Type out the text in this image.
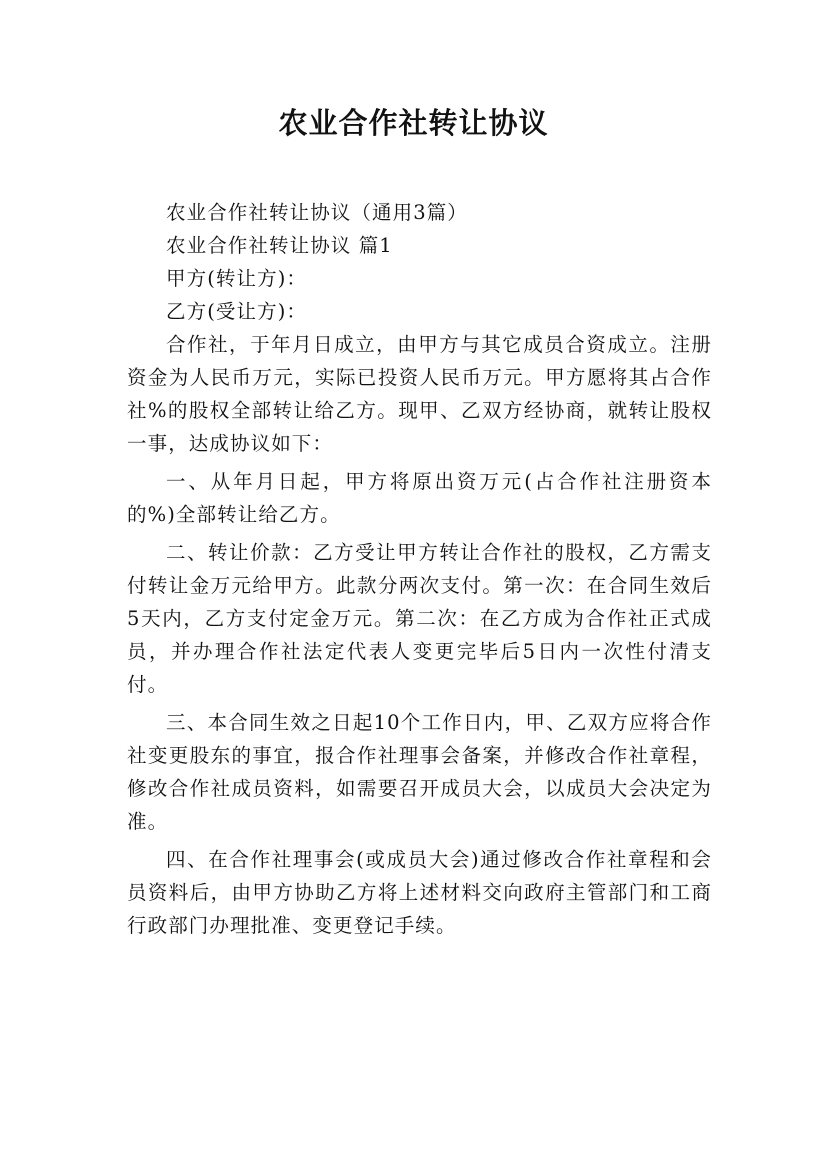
农业合作社转让协议

农业合作社转让协议（通用3篇）

农业合作社转让协议 篇1

甲方(转让方)：

乙方(受让方)：

合作社，于年月日成立，由甲方与其它成员合资成立。注册资金为人民币万元，实际已投资人民币万元。甲方愿将其占合作社%的股权全部转让给乙方。现甲、乙双方经协商，就转让股权一事，达成协议如下：

一、从年月日起，甲方将原出资万元(占合作社注册资本的%)全部转让给乙方。

二、转让价款：乙方受让甲方转让合作社的股权，乙方需支付转让金万元给甲方。此款分两次支付。第一次：在合同生效后5天内，乙方支付定金万元。第二次：在乙方成为合作社正式成员，并办理合作社法定代表人变更完毕后5日内一次性付清支付。

三、本合同生效之日起10个工作日内，甲、乙双方应将合作社变更股东的事宜，报合作社理事会备案，并修改合作社章程，修改合作社成员资料，如需要召开成员大会，以成员大会决定为准。

四、在合作社理事会(或成员大会)通过修改合作社章程和会员资料后，由甲方协助乙方将上述材料交向政府主管部门和工商行政部门办理批准、变更登记手续。
